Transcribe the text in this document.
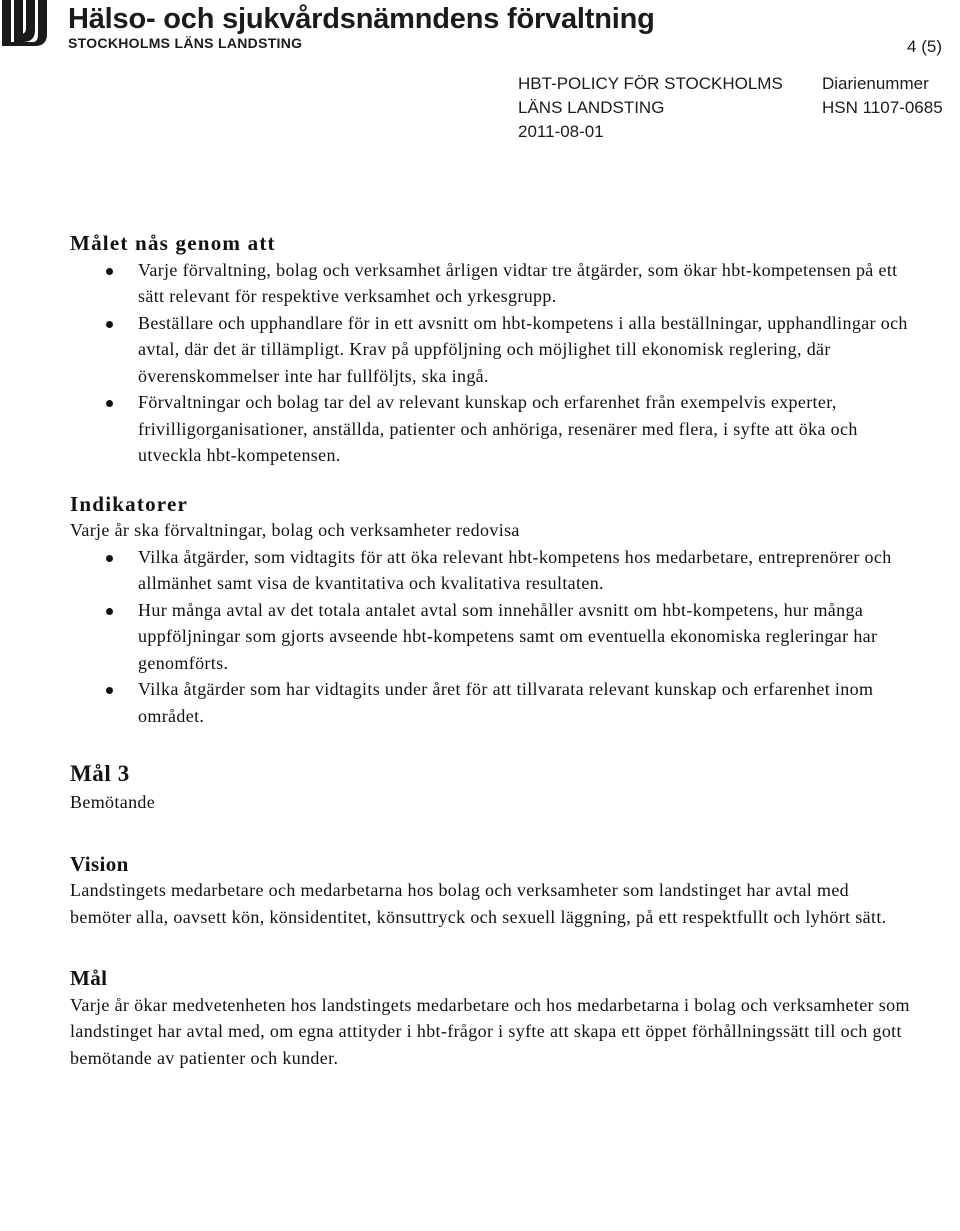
Hälso- och sjukvårdsnämndens förvaltning
STOCKHOLMS LÄNS LANDSTING	4 (5)
HBT-POLICY FÖR STOCKHOLMS
LÄNS LANDSTING
2011-08-01
Diarienummer
HSN 1107-0685
Målet nås genom att
Varje förvaltning, bolag och verksamhet årligen vidtar tre åtgärder, som ökar hbt-kompetensen på ett sätt relevant för respektive verksamhet och yrkesgrupp.
Beställare och upphandlare för in ett avsnitt om hbt-kompetens i alla beställningar, upphandlingar och avtal, där det är tillämpligt. Krav på uppföljning och möjlighet till ekonomisk reglering, där överenskommelser inte har fullföljts, ska ingå.
Förvaltningar och bolag tar del av relevant kunskap och erfarenhet från exempelvis experter, frivilligorganisationer, anställda, patienter och anhöriga, resenärer med flera, i syfte att öka och utveckla hbt-kompetensen.
Indikatorer

Varje år ska förvaltningar, bolag och verksamheter redovisa

Vilka åtgärder, som vidtagits för att öka relevant hbt-kompetens hos medarbetare, entreprenörer och allmänhet samt visa de kvantitativa och kvalitativa resultaten.
Hur många avtal av det totala antalet avtal som innehåller avsnitt om hbt-kompetens, hur många uppföljningar som gjorts avseende hbt-kompetens samt om eventuella ekonomiska regleringar har genomförts.
Vilka åtgärder som har vidtagits under året för att tillvarata relevant kunskap och erfarenhet inom området.
Mål 3

Bemötande

Vision

Landstingets medarbetare och medarbetarna hos bolag och verksamheter som landstinget har avtal med bemöter alla, oavsett kön, könsidentitet, könsuttryck och sexuell läggning, på ett respektfullt och lyhört sätt.

Mål

Varje år ökar medvetenheten hos landstingets medarbetare och hos medarbetarna i bolag och verksamheter som landstinget har avtal med, om egna attityder i hbt-frågor i syfte att skapa ett öppet förhållningssätt till och gott bemötande av patienter och kunder.
